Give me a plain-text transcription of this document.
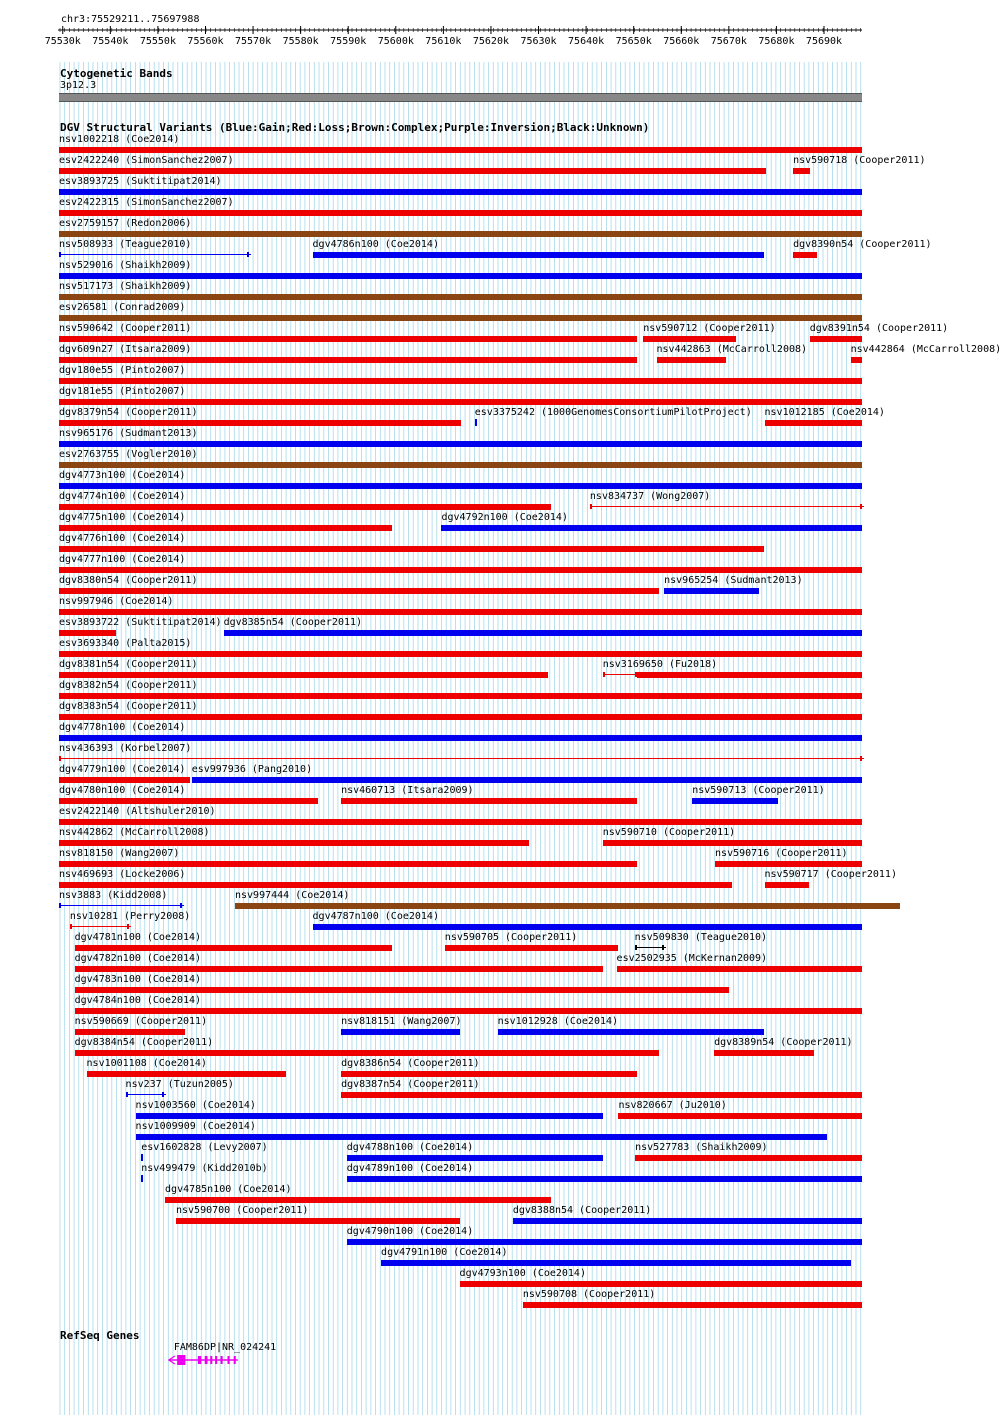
chr3:75529211..75697988
75530k 75540k 75550k 75560k 75570k 75580k 75590k 75600k 75610k 75620k 75630k 75640k 75650k 75660k 75670k 75680k 75690k
Cytogenetic Bands
3p12.3
DGV Structural Variants (Blue:Gain;Red:Loss;Brown:Complex;Purple:Inversion;Black:Unknown)
nsv1002218 (Coe2014)
esv2422240 (SimonSanchez2007)	nsv590718 (Cooper2011)
esv3893725 (Suktitipat2014)
esv2422315 (SimonSanchez2007)
esv2759157 (Redon2006)
nsv508933 (Teague2010)	dgv4786n100 (Coe2014)	dgv8390n54 (Cooper2011)
nsv529016 (Shaikh2009)
nsv517173 (Shaikh2009)
esv26581 (Conrad2009)
nsv590642 (Cooper2011)	nsv590712 (Cooper2011)	dgv8391n54 (Cooper2011)
dgv609n27 (Itsara2009)	nsv442863 (McCarroll2008)	nsv442864 (McCarroll2008)
dgv180e55 (Pinto2007)
dgv181e55 (Pinto2007)
dgv8379n54 (Cooper2011)	esv3375242 (1000GenomesConsortiumPilotProject) nsv1012185 (Coe2014)
nsv965176 (Sudmant2013)
esv2763755 (Vogler2010)
dgv4773n100 (Coe2014)
dgv4774n100 (Coe2014)	nsv834737 (Wong2007)
dgv4775n100 (Coe2014)	dgv4792n100 (Coe2014)
dgv4776n100 (Coe2014)
dgv4777n100 (Coe2014)
dgv8380n54 (Cooper2011)	nsv965254 (Sudmant2013)
nsv997946 (Coe2014)
esv3893722 (Suktitipat2014) dgv8385n54 (Cooper2011)
esv3693340 (Palta2015)
dgv8381n54 (Cooper2011)	nsv3169650 (Fu2018)
dgv8382n54 (Cooper2011)
dgv8383n54 (Cooper2011)
dgv4778n100 (Coe2014)
nsv436393 (Korbel2007)
dgv4779n100 (Coe2014) esv997936 (Pang2010)
dgv4780n100 (Coe2014)	nsv460713 (Itsara2009)	nsv590713 (Cooper2011)
esv2422140 (Altshuler2010)
nsv442862 (McCarroll2008)	nsv590710 (Cooper2011)
nsv818150 (Wang2007)	nsv590716 (Cooper2011)
nsv469693 (Locke2006)	nsv590717 (Cooper2011)
nsv3883 (Kidd2008)	nsv997444 (Coe2014)
nsv10281 (Perry2008)	dgv4787n100 (Coe2014)
dgv4781n100 (Coe2014)	nsv590705 (Cooper2011)	nsv509830 (Teague2010)
dgv4782n100 (Coe2014)	esv2502935 (McKernan2009)
dgv4783n100 (Coe2014)
dgv4784n100 (Coe2014)
nsv590669 (Cooper2011)	nsv818151 (Wang2007)	nsv1012928 (Coe2014)
dgv8384n54 (Cooper2011)	dgv8389n54 (Cooper2011)
nsv1001108 (Coe2014)	dgv8386n54 (Cooper2011)
nsv237 (Tuzun2005)	dgv8387n54 (Cooper2011)
nsv1003560 (Coe2014)	nsv820667 (Ju2010)
nsv1009909 (Coe2014)
esv1602828 (Levy2007)	dgv4788n100 (Coe2014)	nsv527783 (Shaikh2009)
nsv499479 (Kidd2010b)	dgv4789n100 (Coe2014)
dgv4785n100 (Coe2014)
nsv590700 (Cooper2011)	dgv8388n54 (Cooper2011)
dgv4790n100 (Coe2014)
dgv4791n100 (Coe2014)
dgv4793n100 (Coe2014)
nsv590708 (Cooper2011)
RefSeq Genes
FAM86DP|NR_024241
